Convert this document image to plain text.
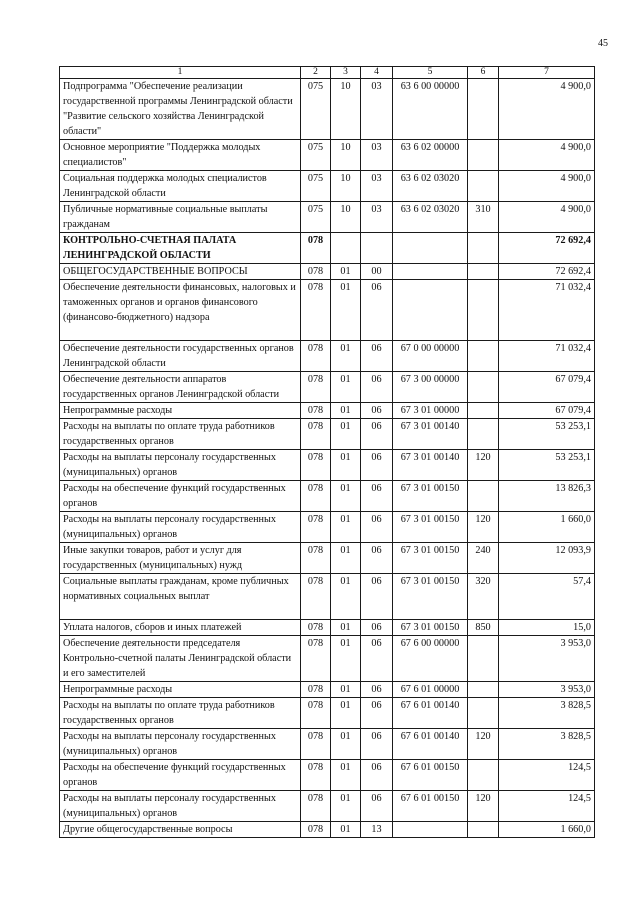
45
1	2	3	4	5	6	7
Подпрограмма "Обеспечение реализации государственной программы Ленинградской области "Развитие сельского хозяйства Ленинградской области"	075	10	03	63 6 00 00000		4 900,0
Основное мероприятие "Поддержка молодых специалистов"	075	10	03	63 6 02 00000		4 900,0
Социальная поддержка молодых специалистов Ленинградской области	075	10	03	63 6 02 03020		4 900,0
Публичные нормативные социальные выплаты гражданам	075	10	03	63 6 02 03020	310	4 900,0
КОНТРОЛЬНО-СЧЕТНАЯ ПАЛАТА ЛЕНИНГРАДСКОЙ ОБЛАСТИ	078					72 692,4
ОБЩЕГОСУДАРСТВЕННЫЕ ВОПРОСЫ	078	01	00			72 692,4
Обеспечение деятельности финансовых, налоговых и таможенных органов и органов финансового (финансово-бюджетного) надзора	078	01	06			71 032,4
Обеспечение деятельности государственных органов Ленинградской области	078	01	06	67 0 00 00000		71 032,4
Обеспечение деятельности аппаратов государственных органов Ленинградской области	078	01	06	67 3 00 00000		67 079,4
Непрограммные расходы	078	01	06	67 3 01 00000		67 079,4
Расходы на выплаты по оплате труда работников государственных органов	078	01	06	67 3 01 00140		53 253,1
Расходы на выплаты персоналу государственных (муниципальных) органов	078	01	06	67 3 01 00140	120	53 253,1
Расходы на обеспечение функций государственных органов	078	01	06	67 3 01 00150		13 826,3
Расходы на выплаты персоналу государственных (муниципальных) органов	078	01	06	67 3 01 00150	120	1 660,0
Иные закупки товаров, работ и услуг для государственных (муниципальных) нужд	078	01	06	67 3 01 00150	240	12 093,9
Социальные выплаты гражданам, кроме публичных нормативных социальных выплат	078	01	06	67 3 01 00150	320	57,4
Уплата налогов, сборов и иных платежей	078	01	06	67 3 01 00150	850	15,0
Обеспечение деятельности председателя Контрольно-счетной палаты Ленинградской области и его заместителей	078	01	06	67 6 00 00000		3 953,0
Непрограммные расходы	078	01	06	67 6 01 00000		3 953,0
Расходы на выплаты по оплате труда работников государственных органов	078	01	06	67 6 01 00140		3 828,5
Расходы на выплаты персоналу государственных (муниципальных) органов	078	01	06	67 6 01 00140	120	3 828,5
Расходы на обеспечение функций государственных органов	078	01	06	67 6 01 00150		124,5
Расходы на выплаты персоналу государственных (муниципальных) органов	078	01	06	67 6 01 00150	120	124,5
Другие общегосударственные вопросы	078	01	13			1 660,0
